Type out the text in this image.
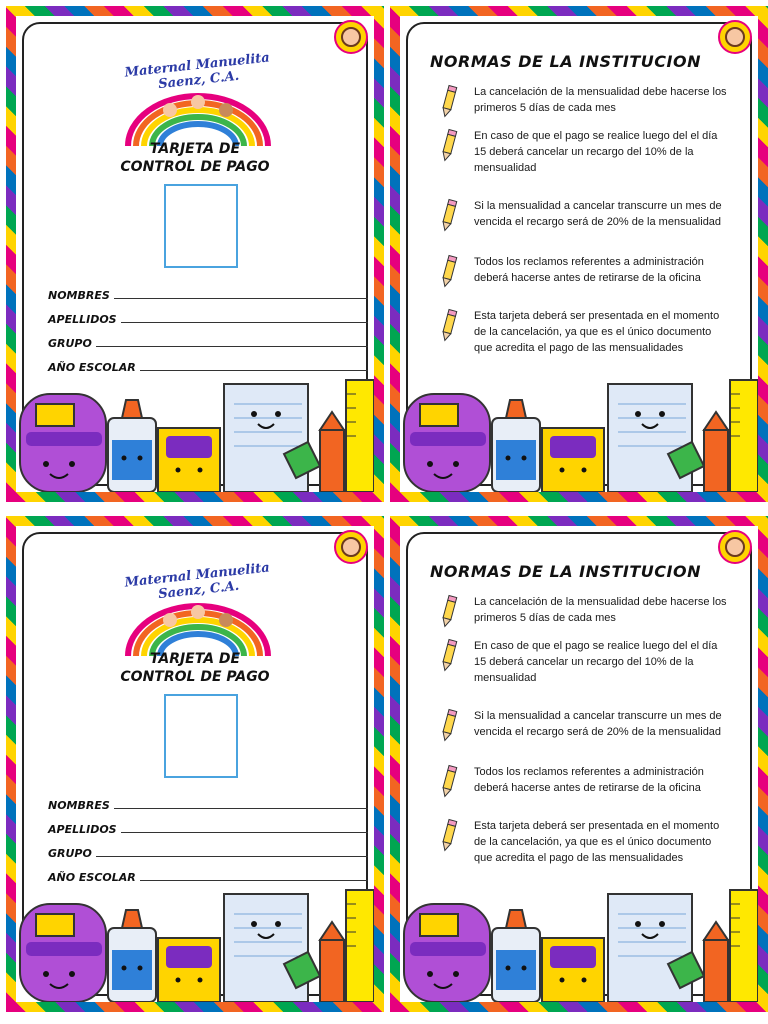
Maternal Manuelita Saenz, C.A.
TARJETA DE
CONTROL DE PAGO
NOMBRES
APELLIDOS
GRUPO
AÑO ESCOLAR
NORMAS DE LA INSTITUCION
La cancelación de la mensualidad debe hacerse los primeros 5 días de cada mes
En caso de que el pago se realice luego del el día 15 deberá cancelar un recargo del 10% de la mensualidad
Si la mensualidad a cancelar transcurre un mes de vencida el recargo será de 20% de la mensualidad
Todos los reclamos referentes a administración deberá hacerse antes de retirarse de la oficina
Esta tarjeta deberá ser presentada en el momento de la cancelación, ya que es el único documento que acredita el pago de las mensualidades
Maternal Manuelita Saenz, C.A.
TARJETA DE
CONTROL DE PAGO
NOMBRES
APELLIDOS
GRUPO
AÑO ESCOLAR
NORMAS DE LA INSTITUCION
La cancelación de la mensualidad debe hacerse los primeros 5 días de cada mes
En caso de que el pago se realice luego del el día 15 deberá cancelar un recargo del 10% de la mensualidad
Si la mensualidad a cancelar transcurre un mes de vencida el recargo será de 20% de la mensualidad
Todos los reclamos referentes a administración deberá hacerse antes de retirarse de la oficina
Esta tarjeta deberá ser presentada en el momento de la cancelación, ya que es el único documento que acredita el pago de las mensualidades
